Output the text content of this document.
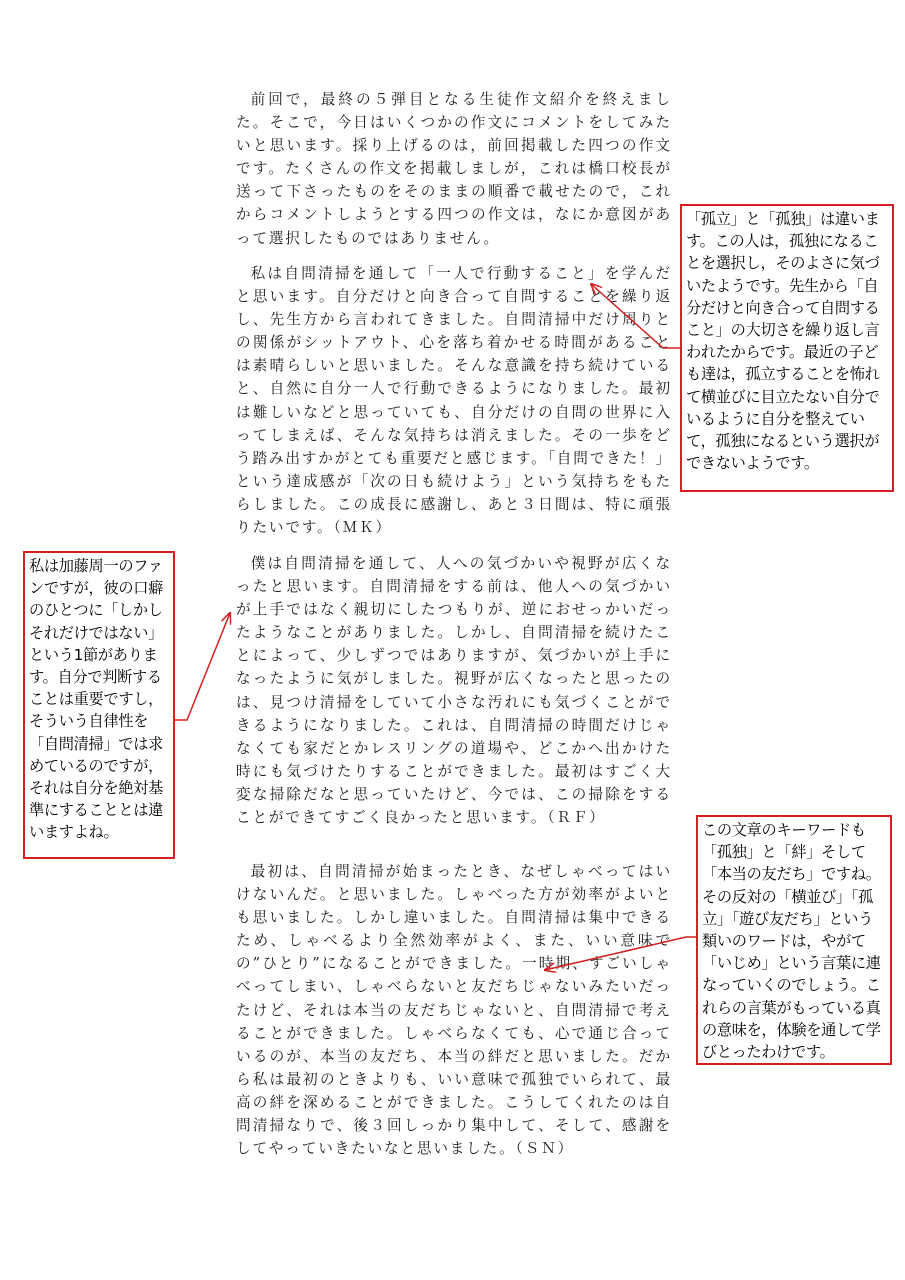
前回で，最終の５弾目となる生徒作文紹介を終えました。そこで，今日はいくつかの作文にコメントをしてみたいと思います。採り上げるのは，前回掲載した四つの作文です。たくさんの作文を掲載しましが，これは橋口校長が送って下さったものをそのままの順番で載せたので，これからコメントしようとする四つの作文は，なにか意図があって選択したものではありません。

私は自問清掃を通して「一人で行動すること」を学んだと思います。自分だけと向き合って自問することを繰り返し、先生方から言われてきました。自問清掃中だけ周りとの関係がシットアウト、心を落ち着かせる時間があることは素晴らしいと思いました。そんな意識を持ち続けていると、自然に自分一人で行動できるようになりました。最初は難しいなどと思っていても、自分だけの自問の世界に入ってしまえば、そんな気持ちは消えました。その一歩をどう踏み出すかがとても重要だと感じます。「自問できた！」という達成感が「次の日も続けよう」という気持ちをもたらしました。この成長に感謝し、あと３日間は、特に頑張りたいです。（ＭＫ）

僕は自問清掃を通して、人への気づかいや視野が広くなったと思います。自問清掃をする前は、他人への気づかいが上手ではなく親切にしたつもりが、逆におせっかいだったようなことがありました。しかし、自問清掃を続けたことによって、少しずつではありますが、気づかいが上手になったように気がしました。視野が広くなったと思ったのは、見つけ清掃をしていて小さな汚れにも気づくことができるようになりました。これは、自問清掃の時間だけじゃなくても家だとかレスリングの道場や、どこかへ出かけた時にも気づけたりすることができました。最初はすごく大変な掃除だなと思っていたけど、今では、この掃除をすることができてすごく良かったと思います。（ＲＦ）

最初は、自問清掃が始まったとき、なぜしゃべってはいけないんだ。と思いました。しゃべった方が効率がよいとも思いました。しかし違いました。自問清掃は集中できるため、しゃべるより全然効率がよく、また、いい意味での”ひとり”になることができました。一時期、すごいしゃべってしまい、しゃべらないと友だちじゃないみたいだったけど、それは本当の友だちじゃないと、自問清掃で考えることができました。しゃべらなくても、心で通じ合っているのが、本当の友だち、本当の絆だと思いました。だから私は最初のときよりも、いい意味で孤独でいられて、最高の絆を深めることができました。こうしてくれたのは自問清掃なりで、後３回しっかり集中して、そして、感謝をしてやっていきたいなと思いました。（ＳＮ）

「孤立」と「孤独」は違います。この人は，孤独になることを選択し，そのよさに気づいたようです。先生から「自分だけと向き合って自問すること」の大切さを繰り返し言われたからです。最近の子ども達は，孤立することを怖れて横並びに目立たない自分でいるように自分を整えていて，孤独になるという選択ができないようです。
私は加藤周一のファンですが，彼の口癖のひとつに「しかしそれだけではない」という1節があります。自分で判断することは重要ですし，そういう自律性を「自問清掃」では求めているのですが，それは自分を絶対基準にすることとは違いますよね。	この文章のキーワードも「孤独」と「絆」そして「本当の友だち」ですね。その反対の「横並び」「孤立」「遊び友だち」という類いのワードは，やがて「いじめ」という言葉に連なっていくのでしょう。これらの言葉がもっている真の意味を，体験を通して学びとったわけです。
